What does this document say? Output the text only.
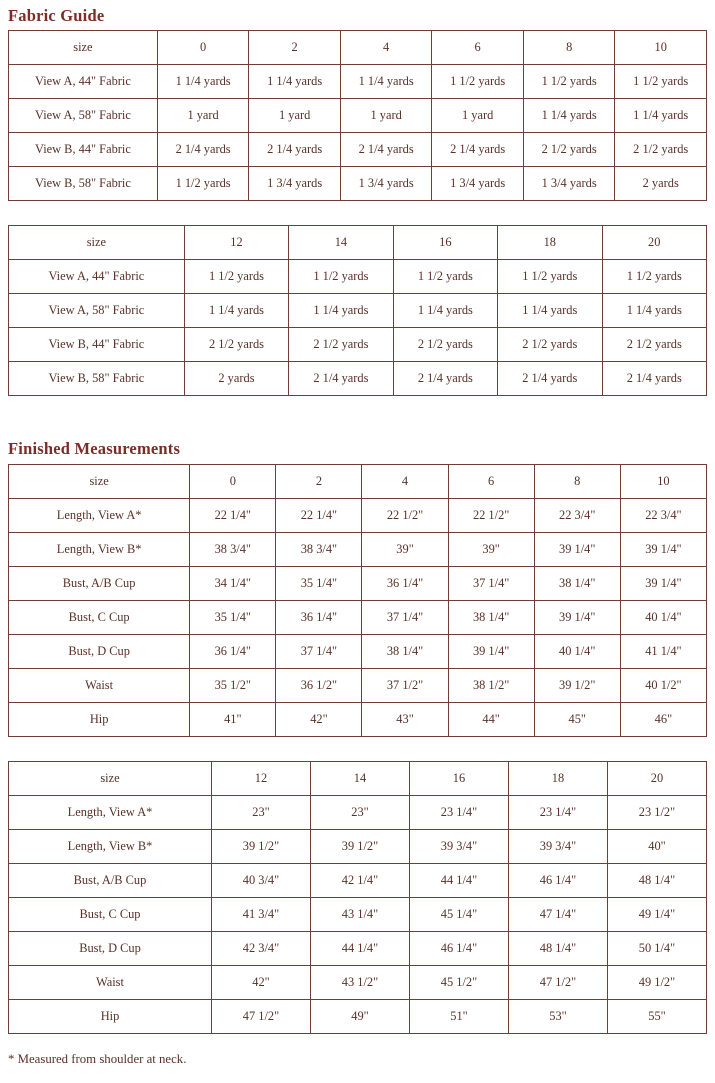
Fabric Guide
size	0	2	4	6	8	10
View A, 44" Fabric	1 1/4 yards	1 1/4 yards	1 1/4 yards	1 1/2 yards	1 1/2 yards	1 1/2 yards
View A, 58" Fabric	1 yard	1 yard	1 yard	1 yard	1 1/4 yards	1 1/4 yards
View B, 44" Fabric	2 1/4 yards	2 1/4 yards	2 1/4 yards	2 1/4 yards	2 1/2 yards	2 1/2 yards
View B, 58" Fabric	1 1/2 yards	1 3/4 yards	1 3/4 yards	1 3/4 yards	1 3/4 yards	2 yards
size	12	14	16	18	20
View A, 44" Fabric	1 1/2 yards	1 1/2 yards	1 1/2 yards	1 1/2 yards	1 1/2 yards
View A, 58" Fabric	1 1/4 yards	1 1/4 yards	1 1/4 yards	1 1/4 yards	1 1/4 yards
View B, 44" Fabric	2 1/2 yards	2 1/2 yards	2 1/2 yards	2 1/2 yards	2 1/2 yards
View B, 58" Fabric	2 yards	2 1/4 yards	2 1/4 yards	2 1/4 yards	2 1/4 yards
Finished Measurements
size	0	2	4	6	8	10
Length, View A*	22 1/4"	22 1/4"	22 1/2"	22 1/2"	22 3/4"	22 3/4"
Length, View B*	38 3/4"	38 3/4"	39"	39"	39 1/4"	39 1/4"
Bust, A/B Cup	34 1/4"	35 1/4"	36 1/4"	37 1/4"	38 1/4"	39 1/4"
Bust, C Cup	35 1/4"	36 1/4"	37 1/4"	38 1/4"	39 1/4"	40 1/4"
Bust, D Cup	36 1/4"	37 1/4"	38 1/4"	39 1/4"	40 1/4"	41 1/4"
Waist	35 1/2"	36 1/2"	37 1/2"	38 1/2"	39 1/2"	40 1/2"
Hip	41"	42"	43"	44"	45"	46"
size	12	14	16	18	20
Length, View A*	23"	23"	23 1/4"	23 1/4"	23 1/2"
Length, View B*	39 1/2"	39 1/2"	39 3/4"	39 3/4"	40"
Bust, A/B Cup	40 3/4"	42 1/4"	44 1/4"	46 1/4"	48 1/4"
Bust, C Cup	41 3/4"	43 1/4"	45 1/4"	47 1/4"	49 1/4"
Bust, D Cup	42 3/4"	44 1/4"	46 1/4"	48 1/4"	50 1/4"
Waist	42"	43 1/2"	45 1/2"	47 1/2"	49 1/2"
Hip	47 1/2"	49"	51"	53"	55"
* Measured from shoulder at neck.
